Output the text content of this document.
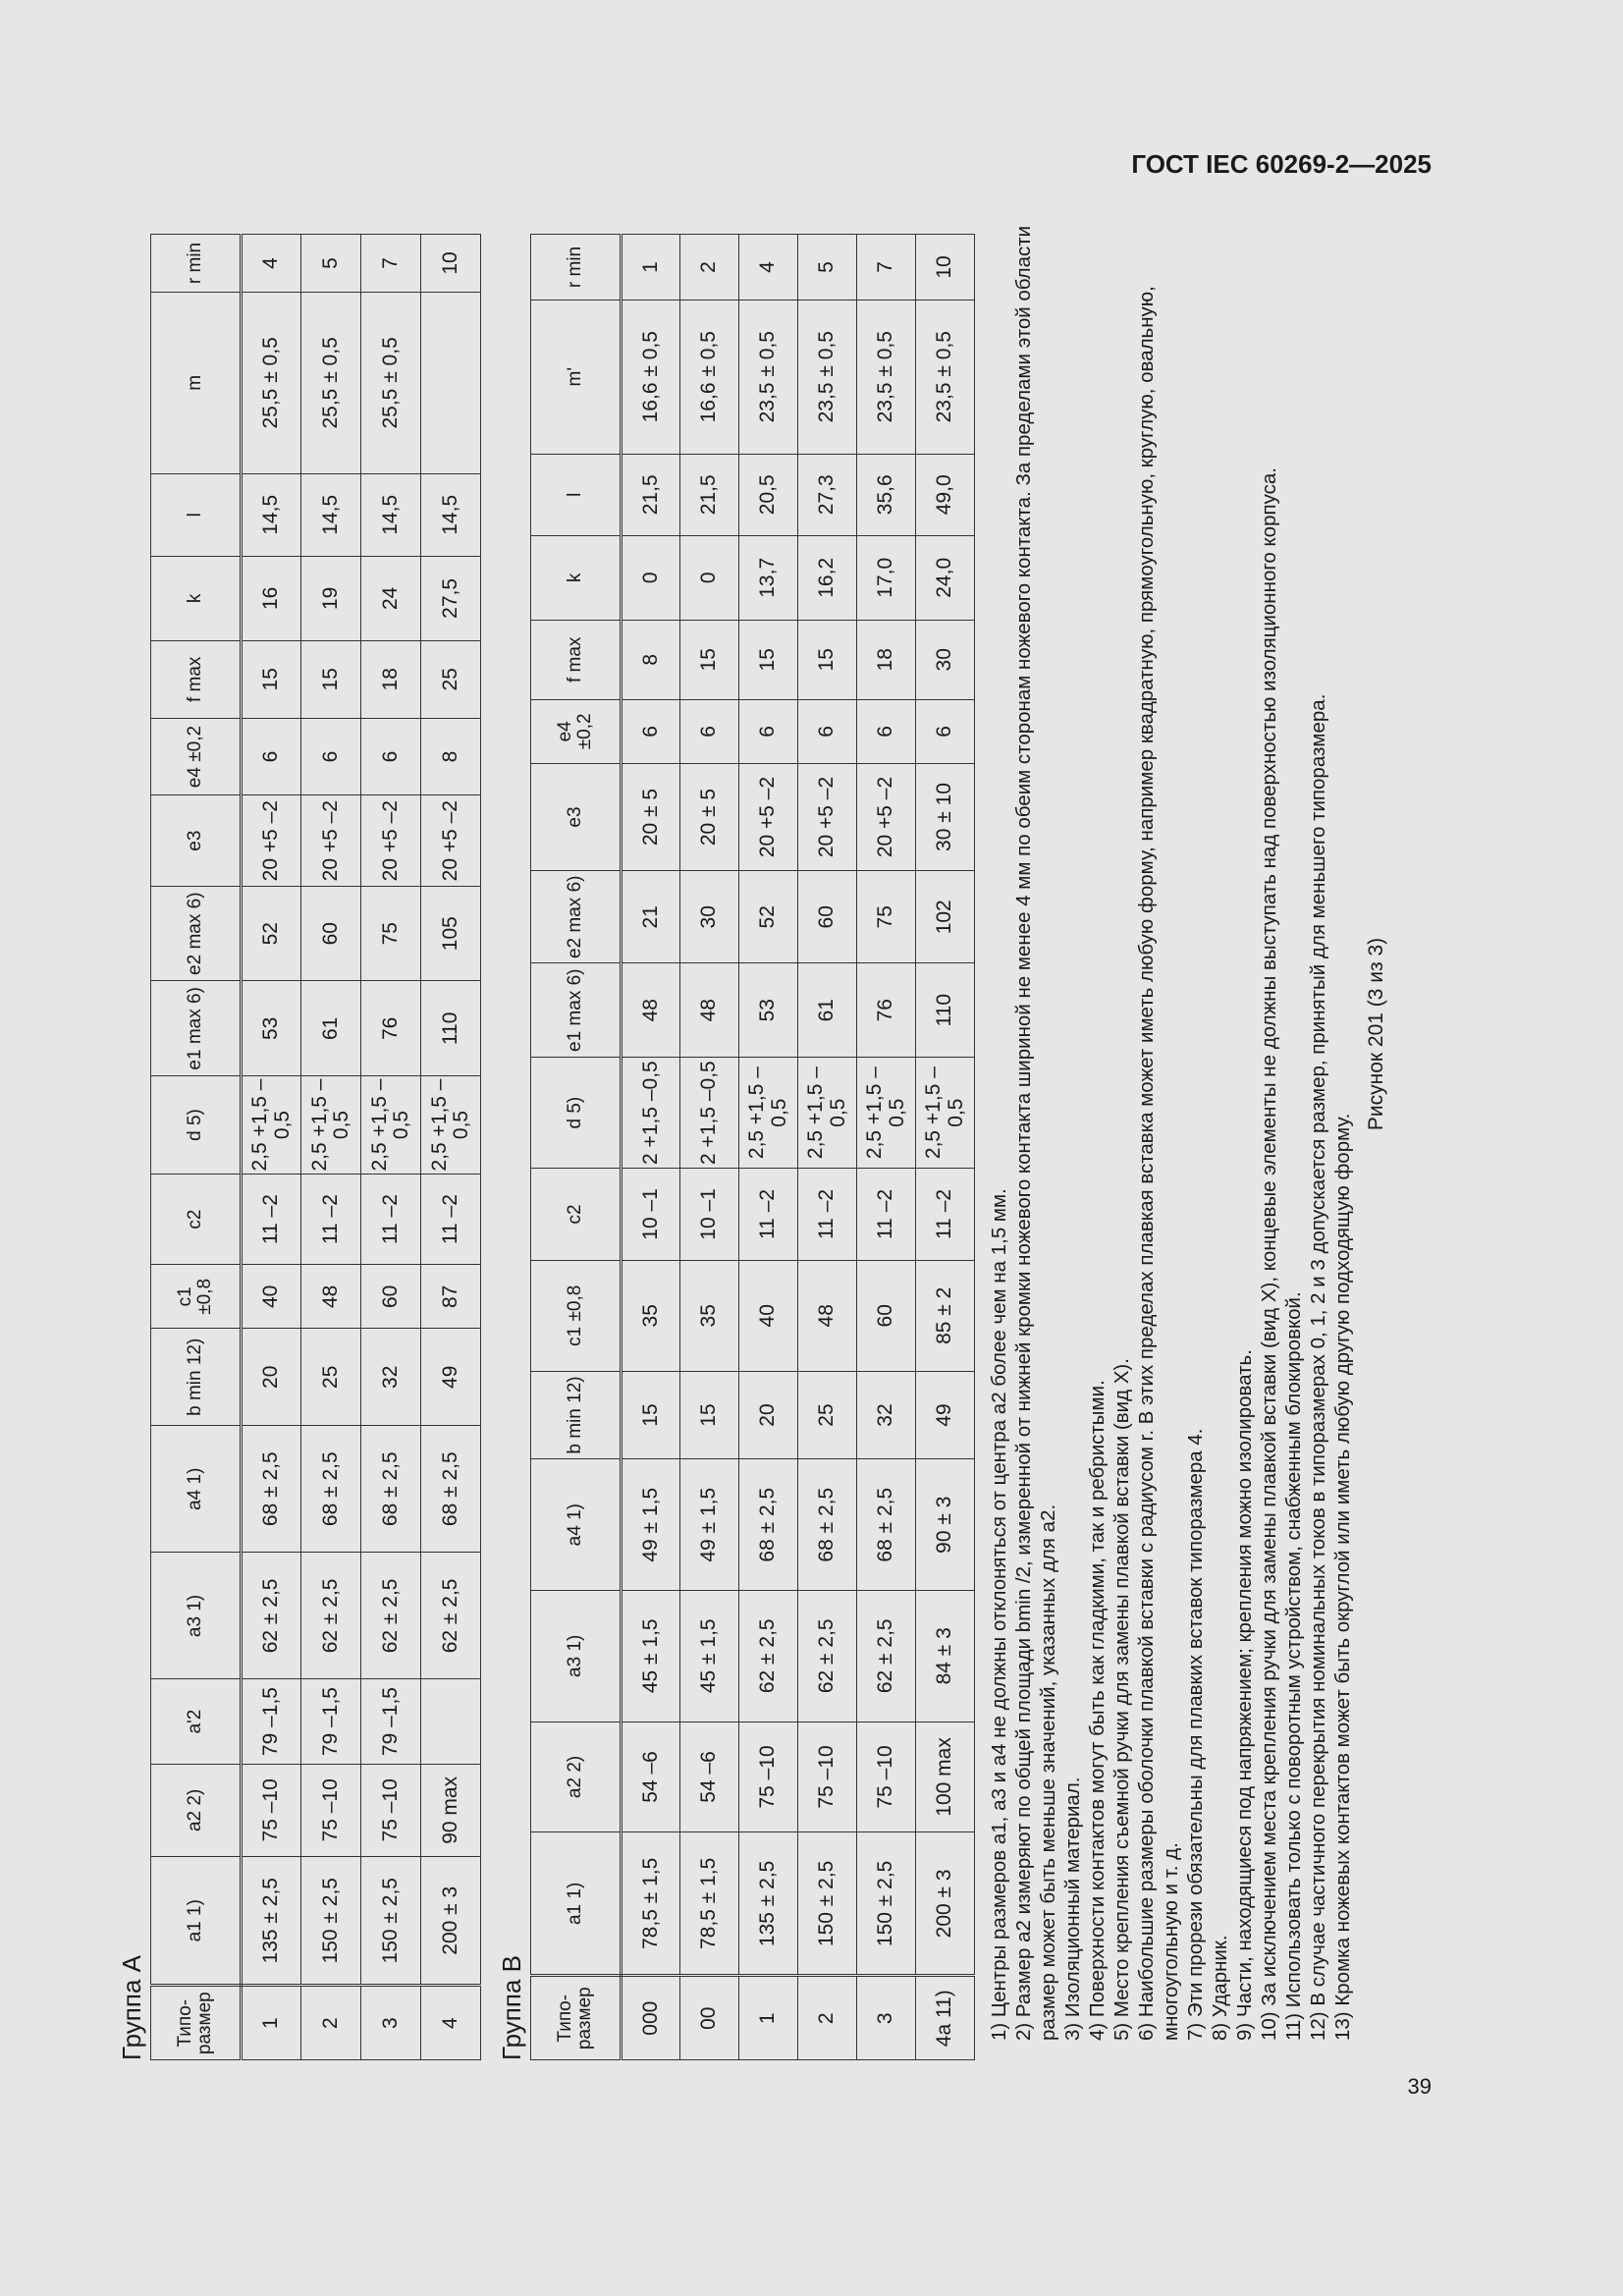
ГОСТ IEC 60269-2—2025
Группа А Типо-размер	a1 1)	a2 2)	a'2	a3 1)	a4 1)	b min 12)	c1 ±0,8	c2	d 5)	e1 max 6)	e2 max 6)	e3	e4 ±0,2	f max	k	l	m	r min
1	135 ± 2,5	75 –10	79 –1,5	62 ± 2,5	68 ± 2,5	20	40	11 –2	2,5 +1,5 –0,5	53	52	20 +5 –2	6	15	16	14,5	25,5 ± 0,5	4
2	150 ± 2,5	75 –10	79 –1,5	62 ± 2,5	68 ± 2,5	25	48	11 –2	2,5 +1,5 –0,5	61	60	20 +5 –2	6	15	19	14,5	25,5 ± 0,5	5
3	150 ± 2,5	75 –10	79 –1,5	62 ± 2,5	68 ± 2,5	32	60	11 –2	2,5 +1,5 –0,5	76	75	20 +5 –2	6	18	24	14,5	25,5 ± 0,5	7
4	200 ± 3	90 max		62 ± 2,5	68 ± 2,5	49	87	11 –2	2,5 +1,5 –0,5	110	105	20 +5 –2	8	25	27,5	14,5		10
Группа В Типо-размер	a1 1)	a2 2)	a3 1)	a4 1)	b min 12)	c1 ±0,8	c2	d 5)	e1 max 6)	e2 max 6)	e3	e4 ±0,2	f max	k	l	m'	r min
000	78,5 ± 1,5	54 –6	45 ± 1,5	49 ± 1,5	15	35	10 –1	2 +1,5 –0,5	48	21	20 ± 5	6	8	0	21,5	16,6 ± 0,5	1
00	78,5 ± 1,5	54 –6	45 ± 1,5	49 ± 1,5	15	35	10 –1	2 +1,5 –0,5	48	30	20 ± 5	6	15	0	21,5	16,6 ± 0,5	2
1	135 ± 2,5	75 –10	62 ± 2,5	68 ± 2,5	20	40	11 –2	2,5 +1,5 –0,5	53	52	20 +5 –2	6	15	13,7	20,5	23,5 ± 0,5	4
2	150 ± 2,5	75 –10	62 ± 2,5	68 ± 2,5	25	48	11 –2	2,5 +1,5 –0,5	61	60	20 +5 –2	6	15	16,2	27,3	23,5 ± 0,5	5
3	150 ± 2,5	75 –10	62 ± 2,5	68 ± 2,5	32	60	11 –2	2,5 +1,5 –0,5	76	75	20 +5 –2	6	18	17,0	35,6	23,5 ± 0,5	7
4a 11)	200 ± 3	100 max	84 ± 3	90 ± 3	49	85 ± 2	11 –2	2,5 +1,5 –0,5	110	102	30 ± 10	6	30	24,0	49,0	23,5 ± 0,5	10

1) Центры размеров a1, a3 и a4 не должны отклоняться от центра a2 более чем на 1,5 мм. 2) Размер a2 измеряют по общей площади bmin /2, измеренной от нижней кромки ножевого контакта шириной не менее 4 мм по обеим сторонам ножевого контакта. За пределами этой области размер может быть меньше значений, указанных для a2. 3) Изоляционный материал. 4) Поверхности контактов могут быть как гладкими, так и ребристыми. 5) Место крепления съемной ручки для замены плавкой вставки (вид X). 6) Наибольшие размеры оболочки плавкой вставки с радиусом r. В этих пределах плавкая вставка может иметь любую форму, например квадратную, прямоугольную, круглую, овальную, многоугольную и т. д. 7) Эти прорези обязательны для плавких вставок типоразмера 4. 8) Ударник. 9) Части, находящиеся под напряжением; крепления можно изолировать. 10) За исключением места крепления ручки для замены плавкой вставки (вид X), концевые элементы не должны выступать над поверхностью изоляционного корпуса. 11) Использовать только с поворотным устройством, снабженным блокировкой. 12) В случае частичного перекрытия номинальных токов в типоразмерах 0, 1, 2 и 3 допускается размер, принятый для меньшего типоразмера. 13) Кромка ножевых контактов может быть округлой или иметь любую другую подходящую форму.

Рисунок 201 (3 из 3)
39
